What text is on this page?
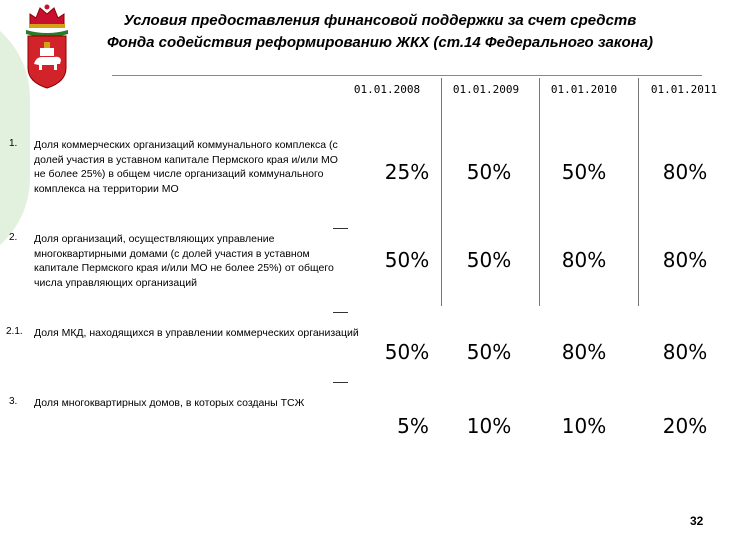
Условия предоставления финансовой поддержки за счет средств
Фонда содействия реформированию ЖКХ (ст.14 Федерального закона)
01.01.2008	01.01.2009	01.01.2010	01.01.2011
1. Доля коммерческих организаций коммунального комплекса (с долей участия в уставном капитале Пермского края и/или МО не более 25%) в общем числе организаций коммунального комплекса на территории МО
25%	50%	50%	80%
2. Доля организаций, осуществляющих управление многоквартирными домами (с долей участия в уставном капитале Пермского края и/или МО не более 25%) от общего числа управляющих организаций
50%	50%	80%	80%
2.1. Доля МКД, находящихся в управлении коммерческих организаций
50%	50%	80%	80%
3. Доля многоквартирных домов, в которых созданы ТСЖ
5%	10%	10%	20%
32
